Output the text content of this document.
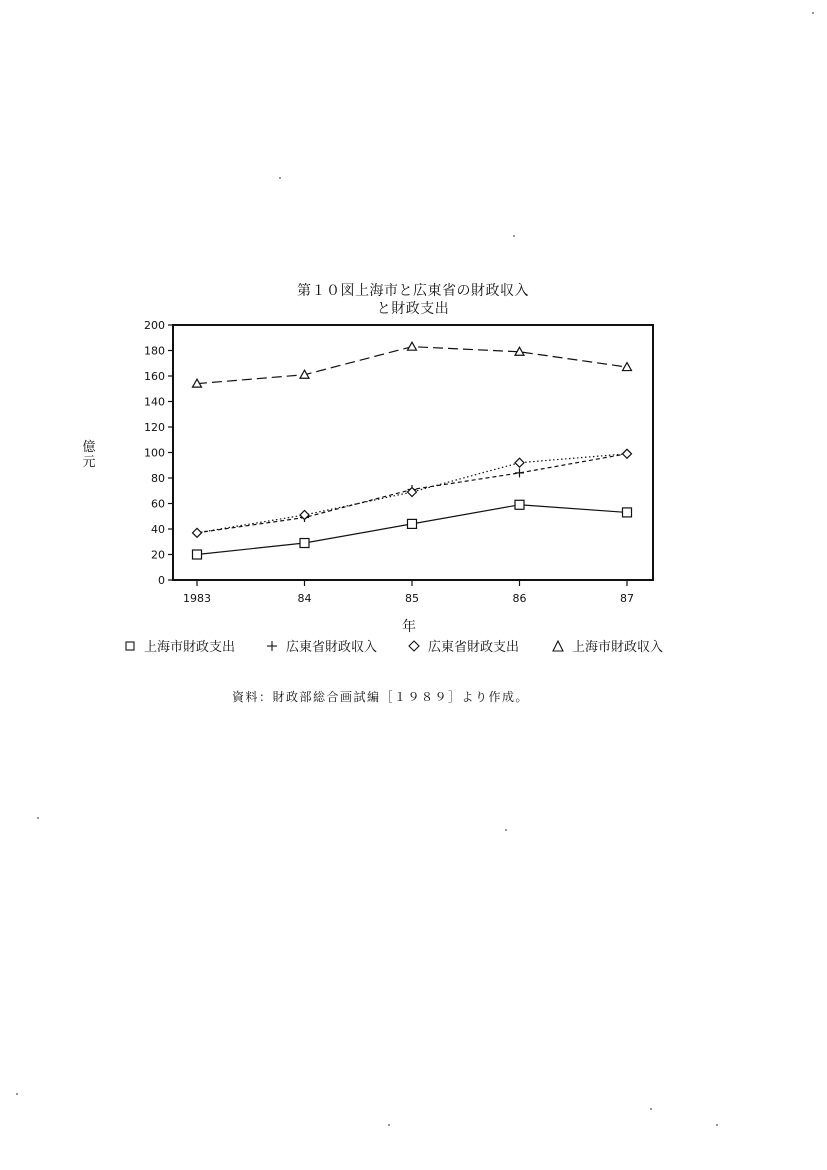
第１０図上海市と広東省の財政収入
と財政支出
億元
0
20
40
60
80
100
120
140
160
180
200
1983	84	85	86	87
年
上海市財政支出	広東省財政収入	広東省財政支出	上海市財政収入
資料：財政部総合画試編［１９８９］より作成。
